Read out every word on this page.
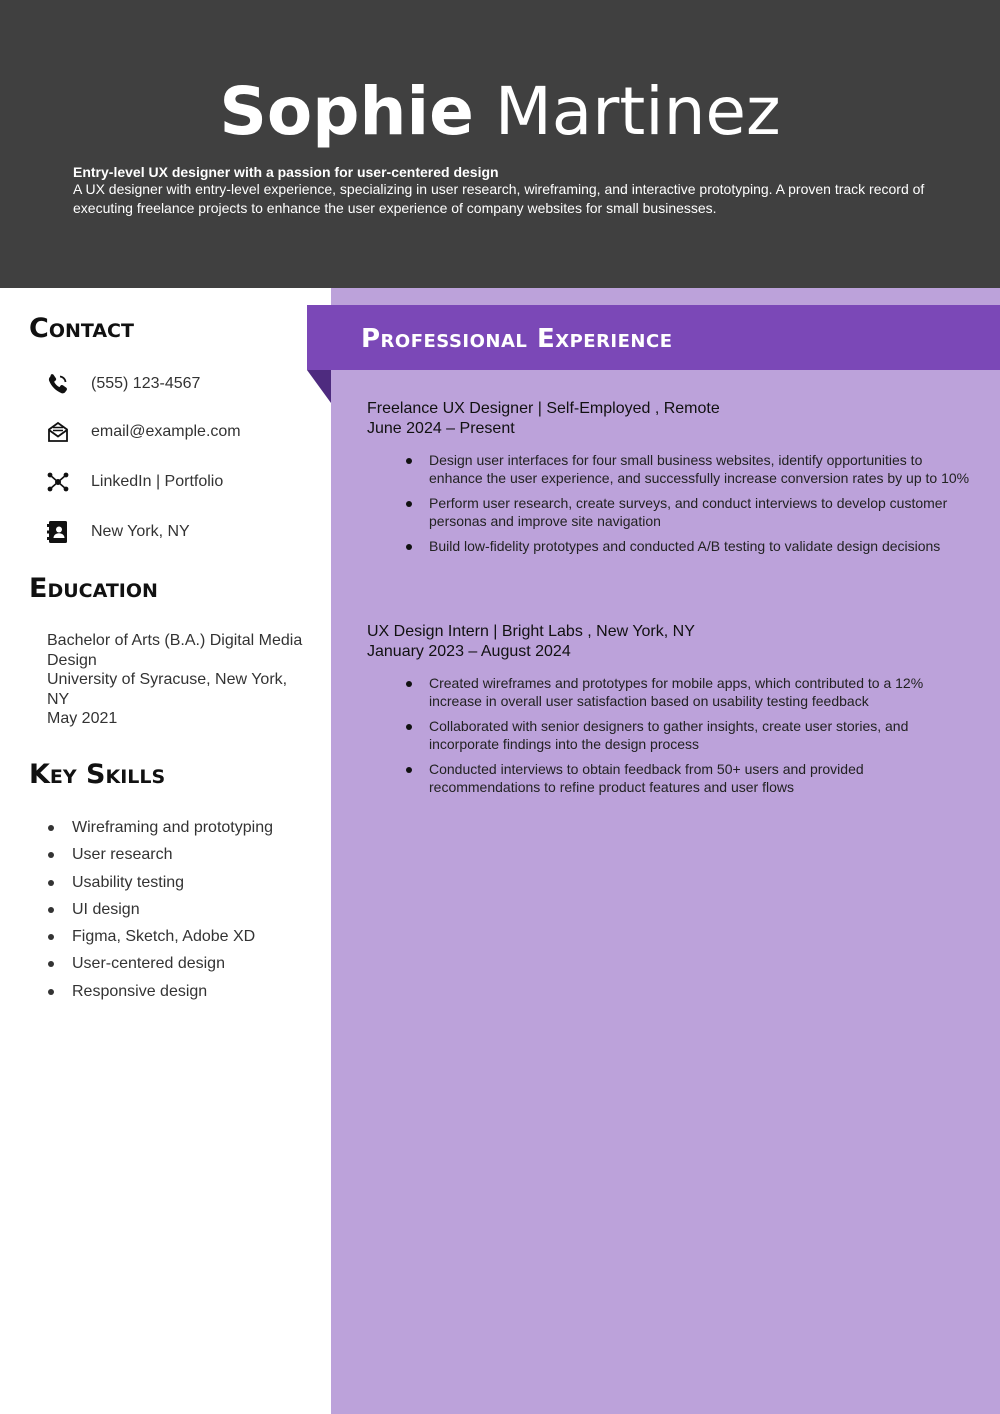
Sophie Martinez
Entry-level UX designer with a passion for user-centered design
A UX designer with entry-level experience, specializing in user research, wireframing, and interactive prototyping. A proven track record of executing freelance projects to enhance the user experience of company websites for small businesses.
Professional Experience
Contact
(555) 123-4567
email@example.com
LinkedIn | Portfolio
New York, NY
Education
Bachelor of Arts (B.A.) Digital Media Design
University of Syracuse, New York, NY
May 2021
Key Skills
Wireframing and prototyping
User research
Usability testing
UI design
Figma, Sketch, Adobe XD
User-centered design
Responsive design
Freelance UX Designer | Self-Employed , Remote
June 2024 – Present
Design user interfaces for four small business websites, identify opportunities to enhance the user experience, and successfully increase conversion rates by up to 10%
Perform user research, create surveys, and conduct interviews to develop customer personas and improve site navigation
Build low-fidelity prototypes and conducted A/B testing to validate design decisions
UX Design Intern | Bright Labs , New York, NY
January 2023 – August 2024
Created wireframes and prototypes for mobile apps, which contributed to a 12% increase in overall user satisfaction based on usability testing feedback
Collaborated with senior designers to gather insights, create user stories, and incorporate findings into the design process
Conducted interviews to obtain feedback from 50+ users and provided recommendations to refine product features and user flows
